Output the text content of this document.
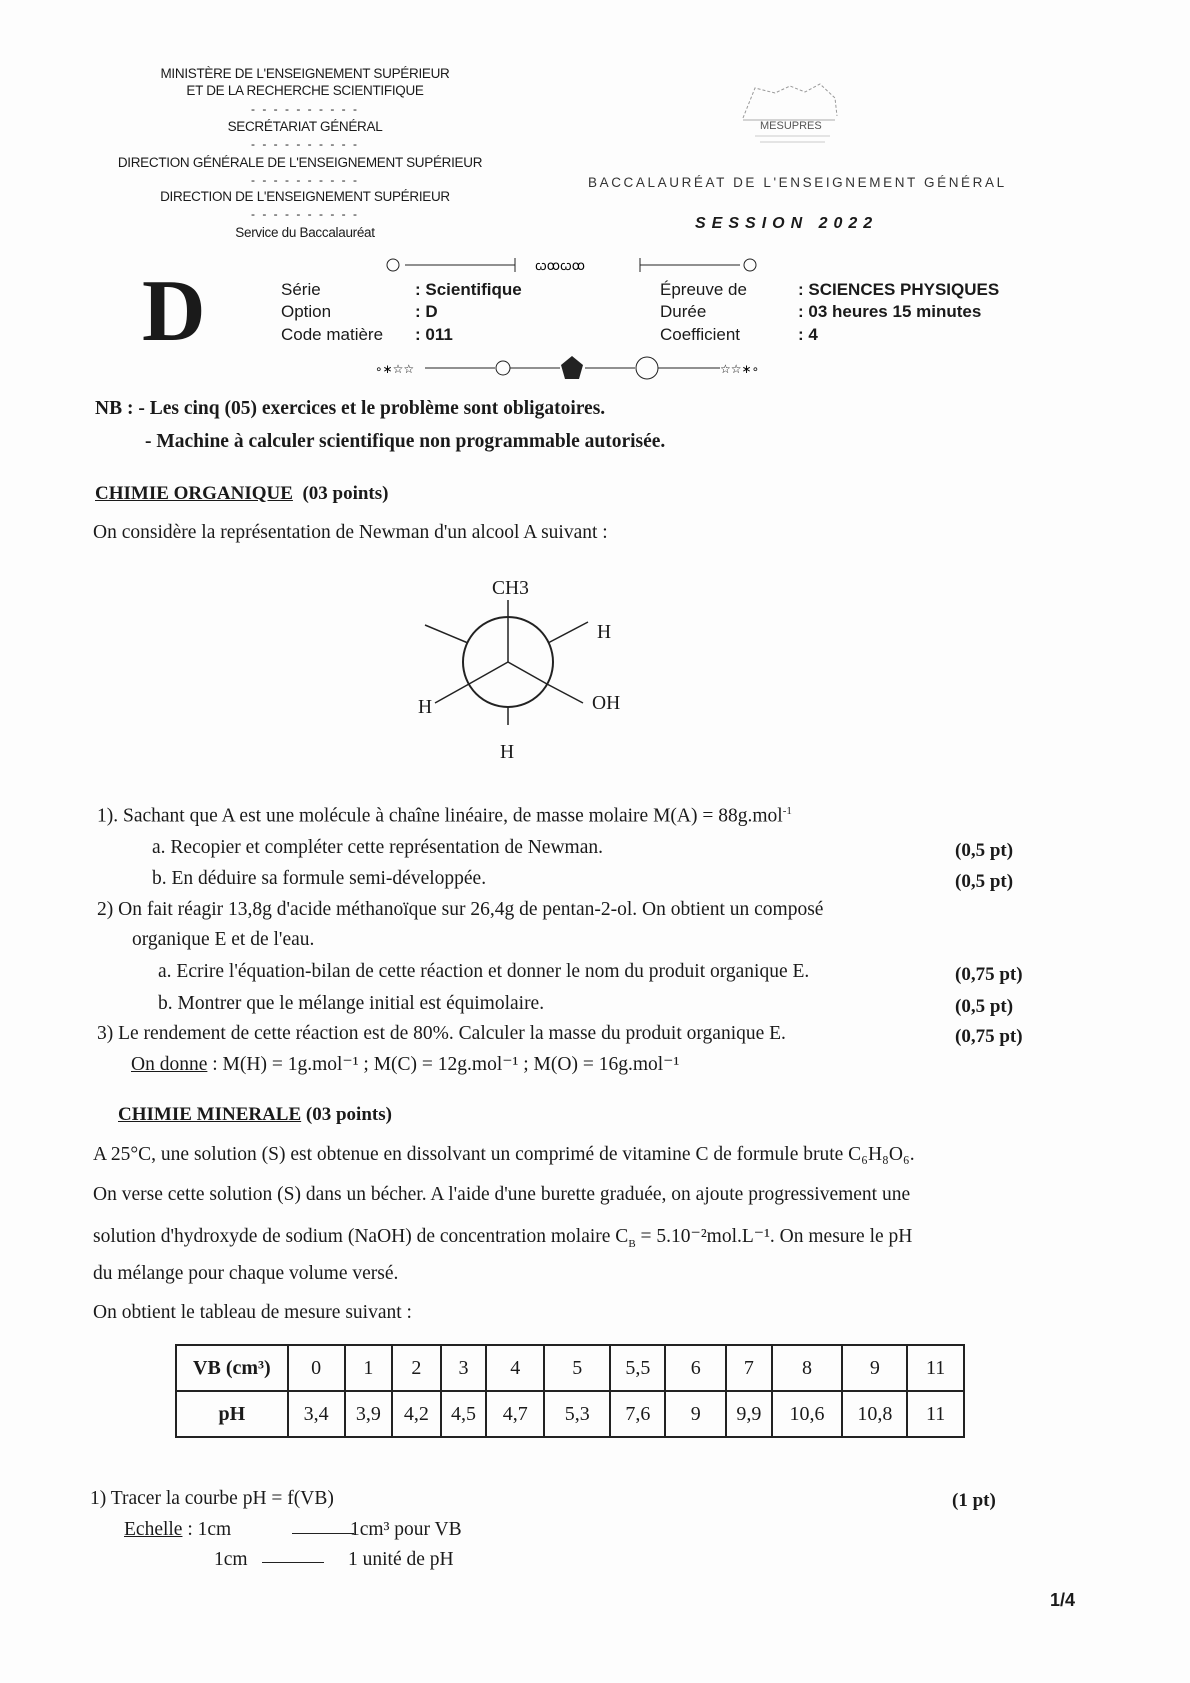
MINISTÈRE DE L'ENSEIGNEMENT SUPÉRIEUR
ET DE LA RECHERCHE SCIENTIFIQUE
- - - - - - - - - -
SECRÉTARIAT GÉNÉRAL
- - - - - - - - - -
DIRECTION GÉNÉRALE DE L'ENSEIGNEMENT SUPÉRIEUR
- - - - - - - - - -
DIRECTION DE L'ENSEIGNEMENT SUPÉRIEUR
- - - - - - - - - -
Service du Baccalauréat
MESUPRES
BACCALAURÉAT DE L'ENSEIGNEMENT GÉNÉRAL
SESSION 2022
ꞷꝏꞷꝏ
D	Série	: Scientifique
Option	: D
Code matière : 011
Épreuve de	: SCIENCES PHYSIQUES
Durée	: 03 heures 15 minutes
Coefficient	: 4
∘∗☆☆	☆☆∗∘
NB : - Les cinq (05) exercices et le problème sont obligatoires.
- Machine à calculer scientifique non programmable autorisée.
CHIMIE ORGANIQUE (03 points)
On considère la représentation de Newman d'un alcool A suivant :
CH3
H
H	OH
H
1). Sachant que A est une molécule à chaîne linéaire, de masse molaire M(A) = 88g.mol$^{-1}$
a. Recopier et compléter cette représentation de Newman.	(0,5 pt)
b. En déduire sa formule semi-développée.	(0,5 pt)
2) On fait réagir 13,8g d'acide méthanoïque sur 26,4g de pentan-2-ol. On obtient un composé
organique E et de l'eau.
a. Ecrire l'équation-bilan de cette réaction et donner le nom du produit organique E.	(0,75 pt)
b. Montrer que le mélange initial est équimolaire.	(0,5 pt)
3) Le rendement de cette réaction est de 80%. Calculer la masse du produit organique E.	(0,75 pt)
On donne : M(H) = 1g.mol⁻¹ ; M(C) = 12g.mol⁻¹ ; M(O) = 16g.mol⁻¹
CHIMIE MINERALE (03 points)
A 25°C, une solution (S) est obtenue en dissolvant un comprimé de vitamine C de formule brute C₆H₈O₆.
On verse cette solution (S) dans un bécher. A l'aide d'une burette graduée, on ajoute progressivement une
solution d'hydroxyde de sodium (NaOH) de concentration molaire $C_B = 5.10^{-2}mol.L^{-1}$. On mesure le pH
du mélange pour chaque volume versé.
On obtient le tableau de mesure suivant :
VB (cm³)	0	1	2	3	4	5	5,5	6	7	8	9	11
pH	3,4	3,9	4,2	4,5	4,7	5,3	7,6	9	9,9	10,6	10,8	11
1) Tracer la courbe pH = f(VB)	(1 pt)
Echelle : 1cm	1cm³ pour VB
1cm	1 unité de pH
1/4
